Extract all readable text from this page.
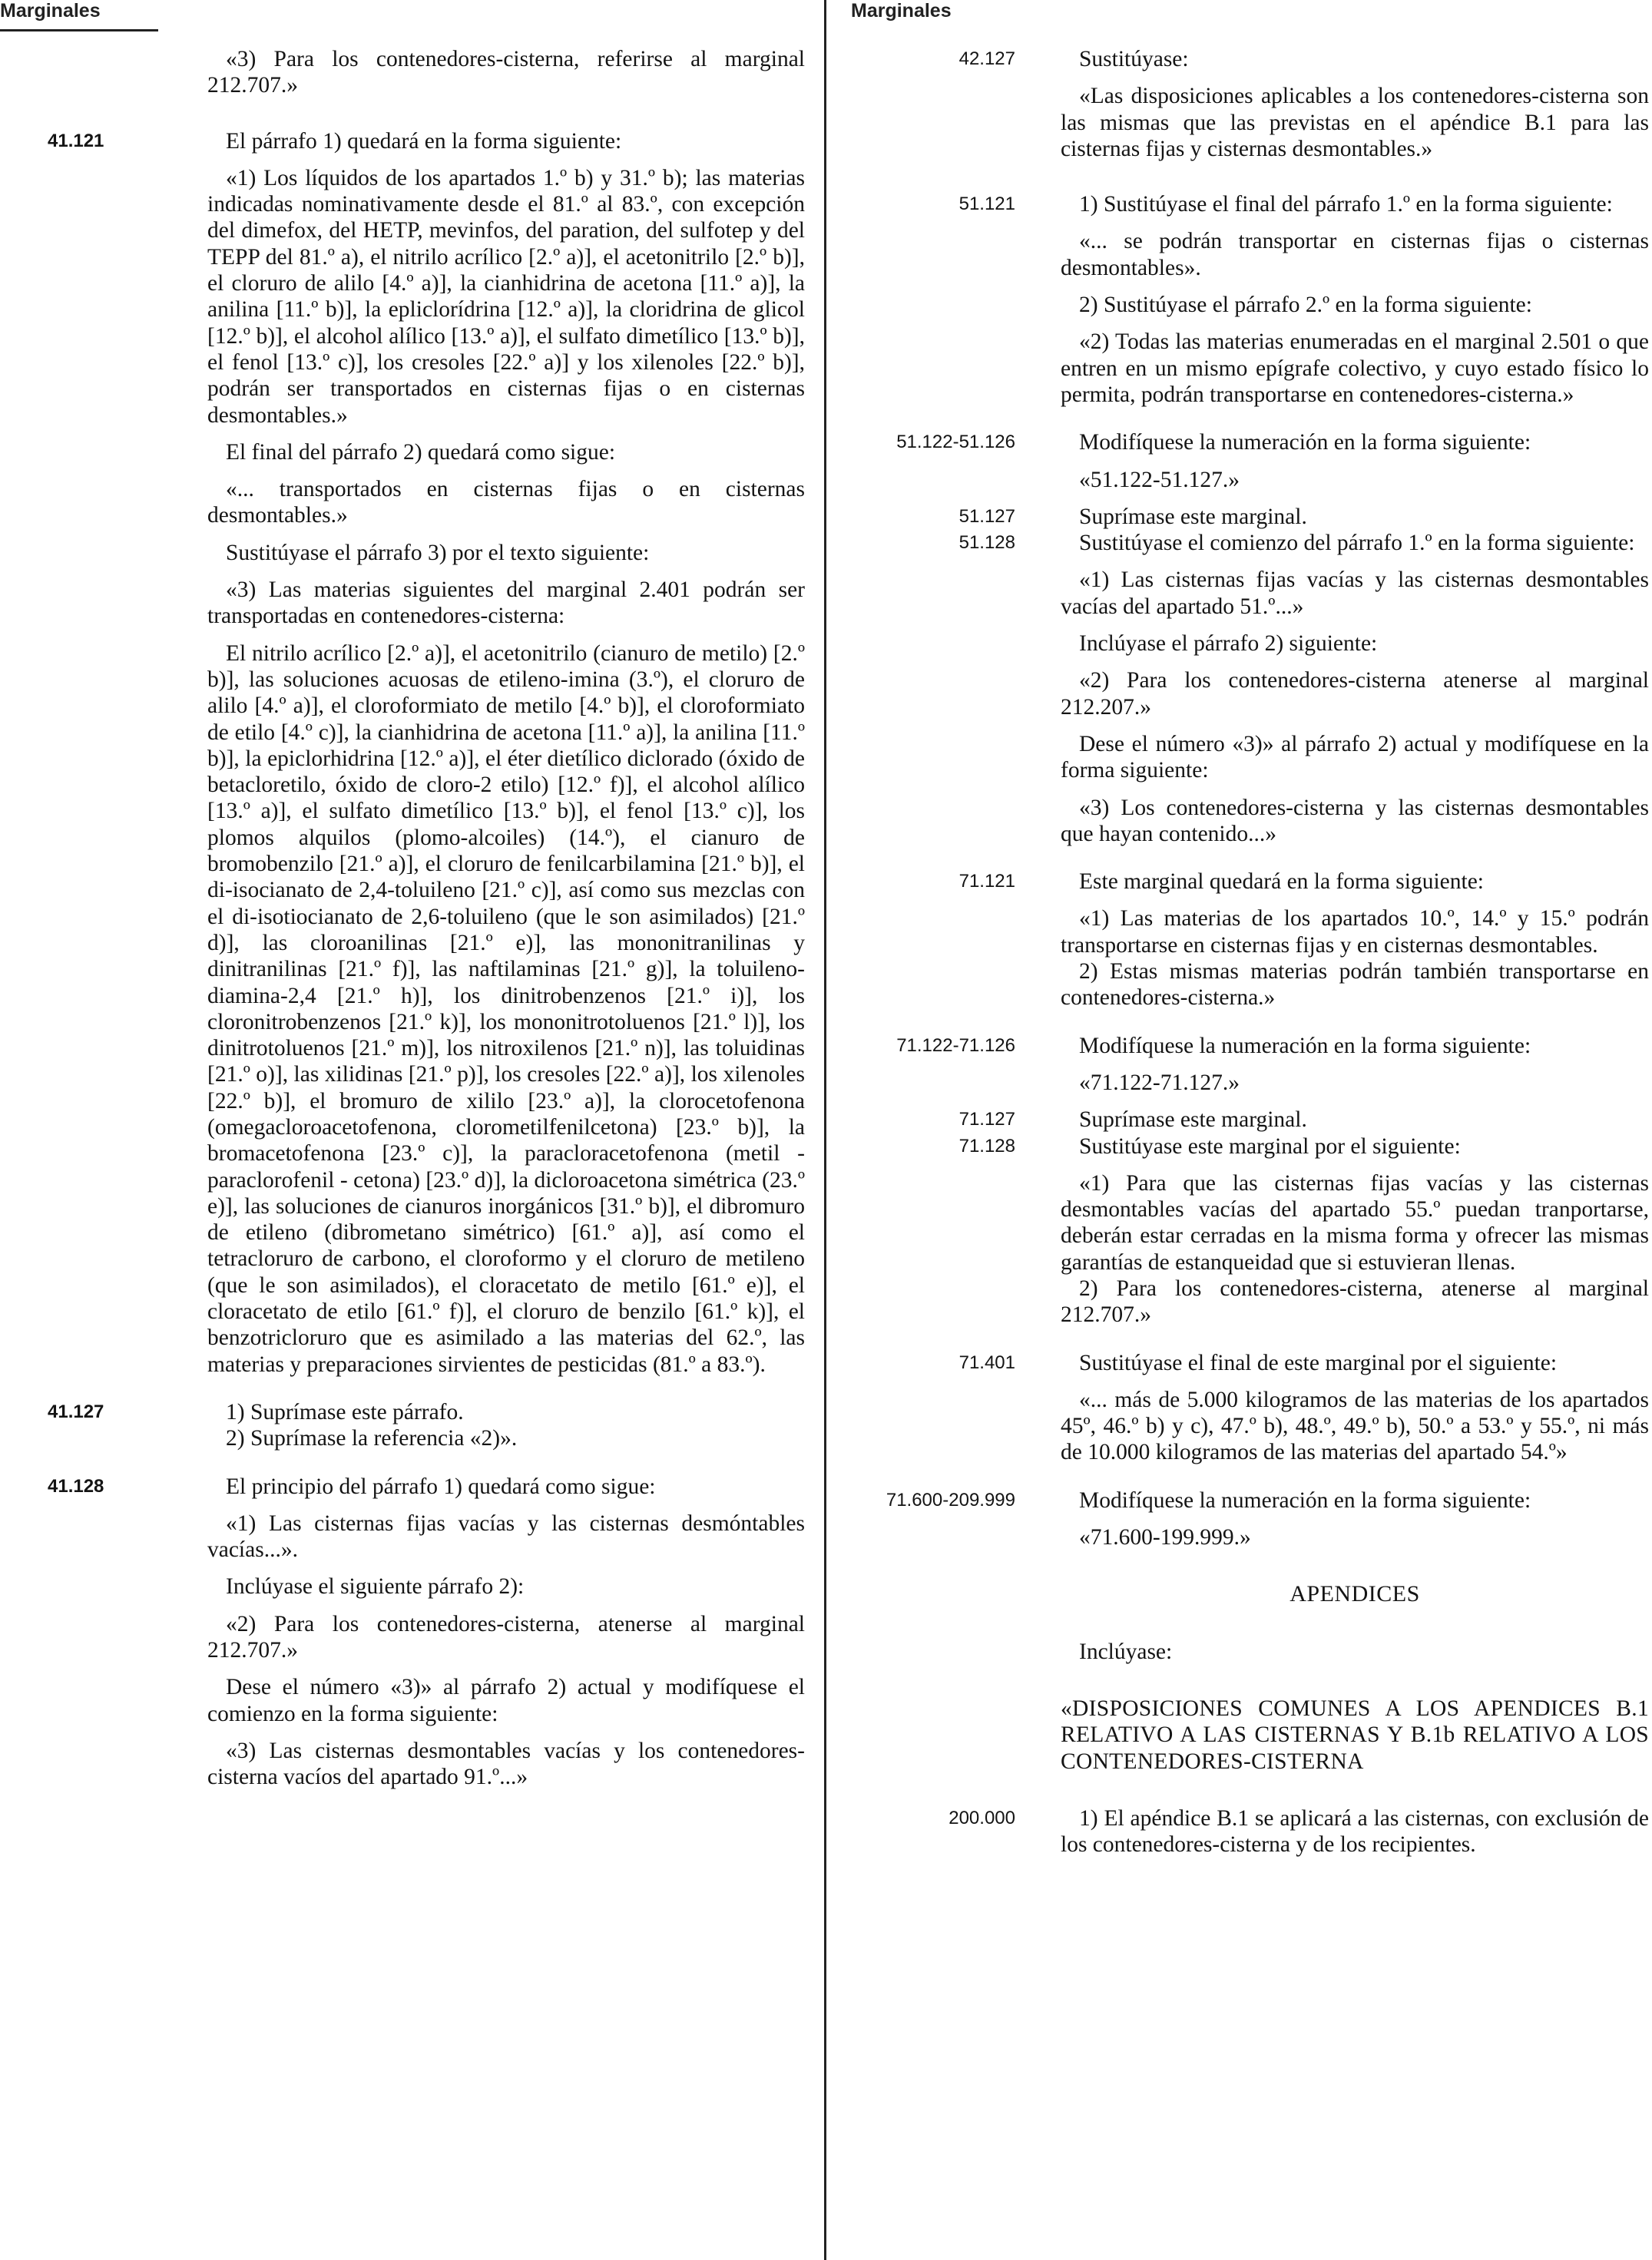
Marginales	Marginales

«3) Para los contenedores-cisterna, referirse al marginal 212.707.»

41.121	El párrafo 1) quedará en la forma siguiente:

«1) Los líquidos de los apartados 1.º b) y 31.º b); las materias indicadas nominativamente desde el 81.º al 83.º, con excepción del dimefox, del HETP, mevinfos, del paration, del sulfotep y del TEPP del 81.º a), el nitrilo acrílico [2.º a)], el acetonitrilo [2.º b)], el cloruro de alilo [4.º a)], la cianhidrina de acetona [11.º a)], la anilina [11.º b)], la epliclorídrina [12.º a)], la cloridrina de glicol [12.º b)], el alcohol alílico [13.º a)], el sulfato dimetílico [13.º b)], el fenol [13.º c)], los cresoles [22.º a)] y los xilenoles [22.º b)], podrán ser transportados en cisternas fijas o en cisternas desmontables.»

El final del párrafo 2) quedará como sigue:

«... transportados en cisternas fijas o en cisternas desmontables.»

Sustitúyase el párrafo 3) por el texto siguiente:

«3) Las materias siguientes del marginal 2.401 podrán ser transportadas en contenedores-cisterna:

El nitrilo acrílico [2.º a)], el acetonitrilo (cianuro de metilo) [2.º b)], las soluciones acuosas de etileno-imina (3.º), el cloruro de alilo [4.º a)], el cloroformiato de metilo [4.º b)], el cloroformiato de etilo [4.º c)], la cianhidrina de acetona [11.º a)], la anilina [11.º b)], la epiclorhidrina [12.º a)], el éter dietílico diclorado (óxido de betacloretilo, óxido de cloro-2 etilo) [12.º f)], el alcohol alílico [13.º a)], el sulfato dimetílico [13.º b)], el fenol [13.º c)], los plomos alquilos (plomo-alcoiles) (14.º), el cianuro de bromobenzilo [21.º a)], el cloruro de fenilcarbilamina [21.º b)], el di-isocianato de 2,4-toluileno [21.º c)], así como sus mezclas con el di-isotiocianato de 2,6-toluileno (que le son asimilados) [21.º d)], las cloroanilinas [21.º e)], las mononitranilinas y dinitranilinas [21.º f)], las naftilaminas [21.º g)], la toluileno-diamina-2,4 [21.º h)], los dinitrobenzenos [21.º i)], los cloronitrobenzenos [21.º k)], los mononitrotoluenos [21.º l)], los dinitrotoluenos [21.º m)], los nitroxilenos [21.º n)], las toluidinas [21.º o)], las xilidinas [21.º p)], los cresoles [22.º a)], los xilenoles [22.º b)], el bromuro de xililo [23.º a)], la clorocetofenona (omegacloroacetofenona, clorometilfenilcetona) [23.º b)], la bromacetofenona [23.º c)], la paracloracetofenona (metil - paraclorofenil - cetona) [23.º d)], la dicloroacetona simétrica (23.º e)], las soluciones de cianuros inorgánicos [31.º b)], el dibromuro de etileno (dibrometano simétrico) [61.º a)], así como el tetracloruro de carbono, el cloroformo y el cloruro de metileno (que le son asimilados), el cloracetato de metilo [61.º e)], el cloracetato de etilo [61.º f)], el cloruro de benzilo [61.º k)], el benzotricloruro que es asimilado a las materias del 62.º, las materias y preparaciones sirvientes de pesticidas (81.º a 83.º).

41.127	1) Suprímase este párrafo.

2) Suprímase la referencia «2)».

41.128	El principio del párrafo 1) quedará como sigue:

«1) Las cisternas fijas vacías y las cisternas desmóntables vacías...».

Inclúyase el siguiente párrafo 2):

«2) Para los contenedores-cisterna, atenerse al marginal 212.707.»

Dese el número «3)» al párrafo 2) actual y modifíquese el comienzo en la forma siguiente:

«3) Las cisternas desmontables vacías y los contenedores-cisterna vacíos del apartado 91.º...»

42.127	Sustitúyase:

«Las disposiciones aplicables a los contenedores-cisterna son las mismas que las previstas en el apéndice B.1 para las cisternas fijas y cisternas desmontables.»

51.121	1) Sustitúyase el final del párrafo 1.º en la forma siguiente:

«... se podrán transportar en cisternas fijas o cisternas desmontables».

2) Sustitúyase el párrafo 2.º en la forma siguiente:

«2) Todas las materias enumeradas en el marginal 2.501 o que entren en un mismo epígrafe colectivo, y cuyo estado físico lo permita, podrán transportarse en contenedores-cisterna.»

51.122-51.126	Modifíquese la numeración en la forma siguiente:

«51.122-51.127.»

51.127	Suprímase este marginal.

51.128	Sustitúyase el comienzo del párrafo 1.º en la forma siguiente:

«1) Las cisternas fijas vacías y las cisternas desmontables vacías del apartado 51.º...»

Inclúyase el párrafo 2) siguiente:

«2) Para los contenedores-cisterna atenerse al marginal 212.207.»

Dese el número «3)» al párrafo 2) actual y modifíquese en la forma siguiente:

«3) Los contenedores-cisterna y las cisternas desmontables que hayan contenido...»

71.121	Este marginal quedará en la forma siguiente:

«1) Las materias de los apartados 10.º, 14.º y 15.º podrán transportarse en cisternas fijas y en cisternas desmontables.

2) Estas mismas materias podrán también transportarse en contenedores-cisterna.»

71.122-71.126	Modifíquese la numeración en la forma siguiente:

«71.122-71.127.»

71.127	Suprímase este marginal.

71.128	Sustitúyase este marginal por el siguiente:

«1) Para que las cisternas fijas vacías y las cisternas desmontables vacías del apartado 55.º puedan tranportarse, deberán estar cerradas en la misma forma y ofrecer las mismas garantías de estanqueidad que si estuvieran llenas.

2) Para los contenedores-cisterna, atenerse al marginal 212.707.»

71.401	Sustitúyase el final de este marginal por el siguiente:

«... más de 5.000 kilogramos de las materias de los apartados 45º, 46.º b) y c), 47.º b), 48.º, 49.º b), 50.º a 53.º y 55.º, ni más de 10.000 kilogramos de las materias del apartado 54.º»

71.600-209.999	Modifíquese la numeración en la forma siguiente:

«71.600-199.999.»

APENDICES

Inclúyase:

«DISPOSICIONES COMUNES A LOS APENDICES B.1 RELATIVO A LAS CISTERNAS Y B.1b RELATIVO A LOS CONTENEDORES-CISTERNA

200.000	1) El apéndice B.1 se aplicará a las cisternas, con exclusión de los contenedores-cisterna y de los recipientes.
